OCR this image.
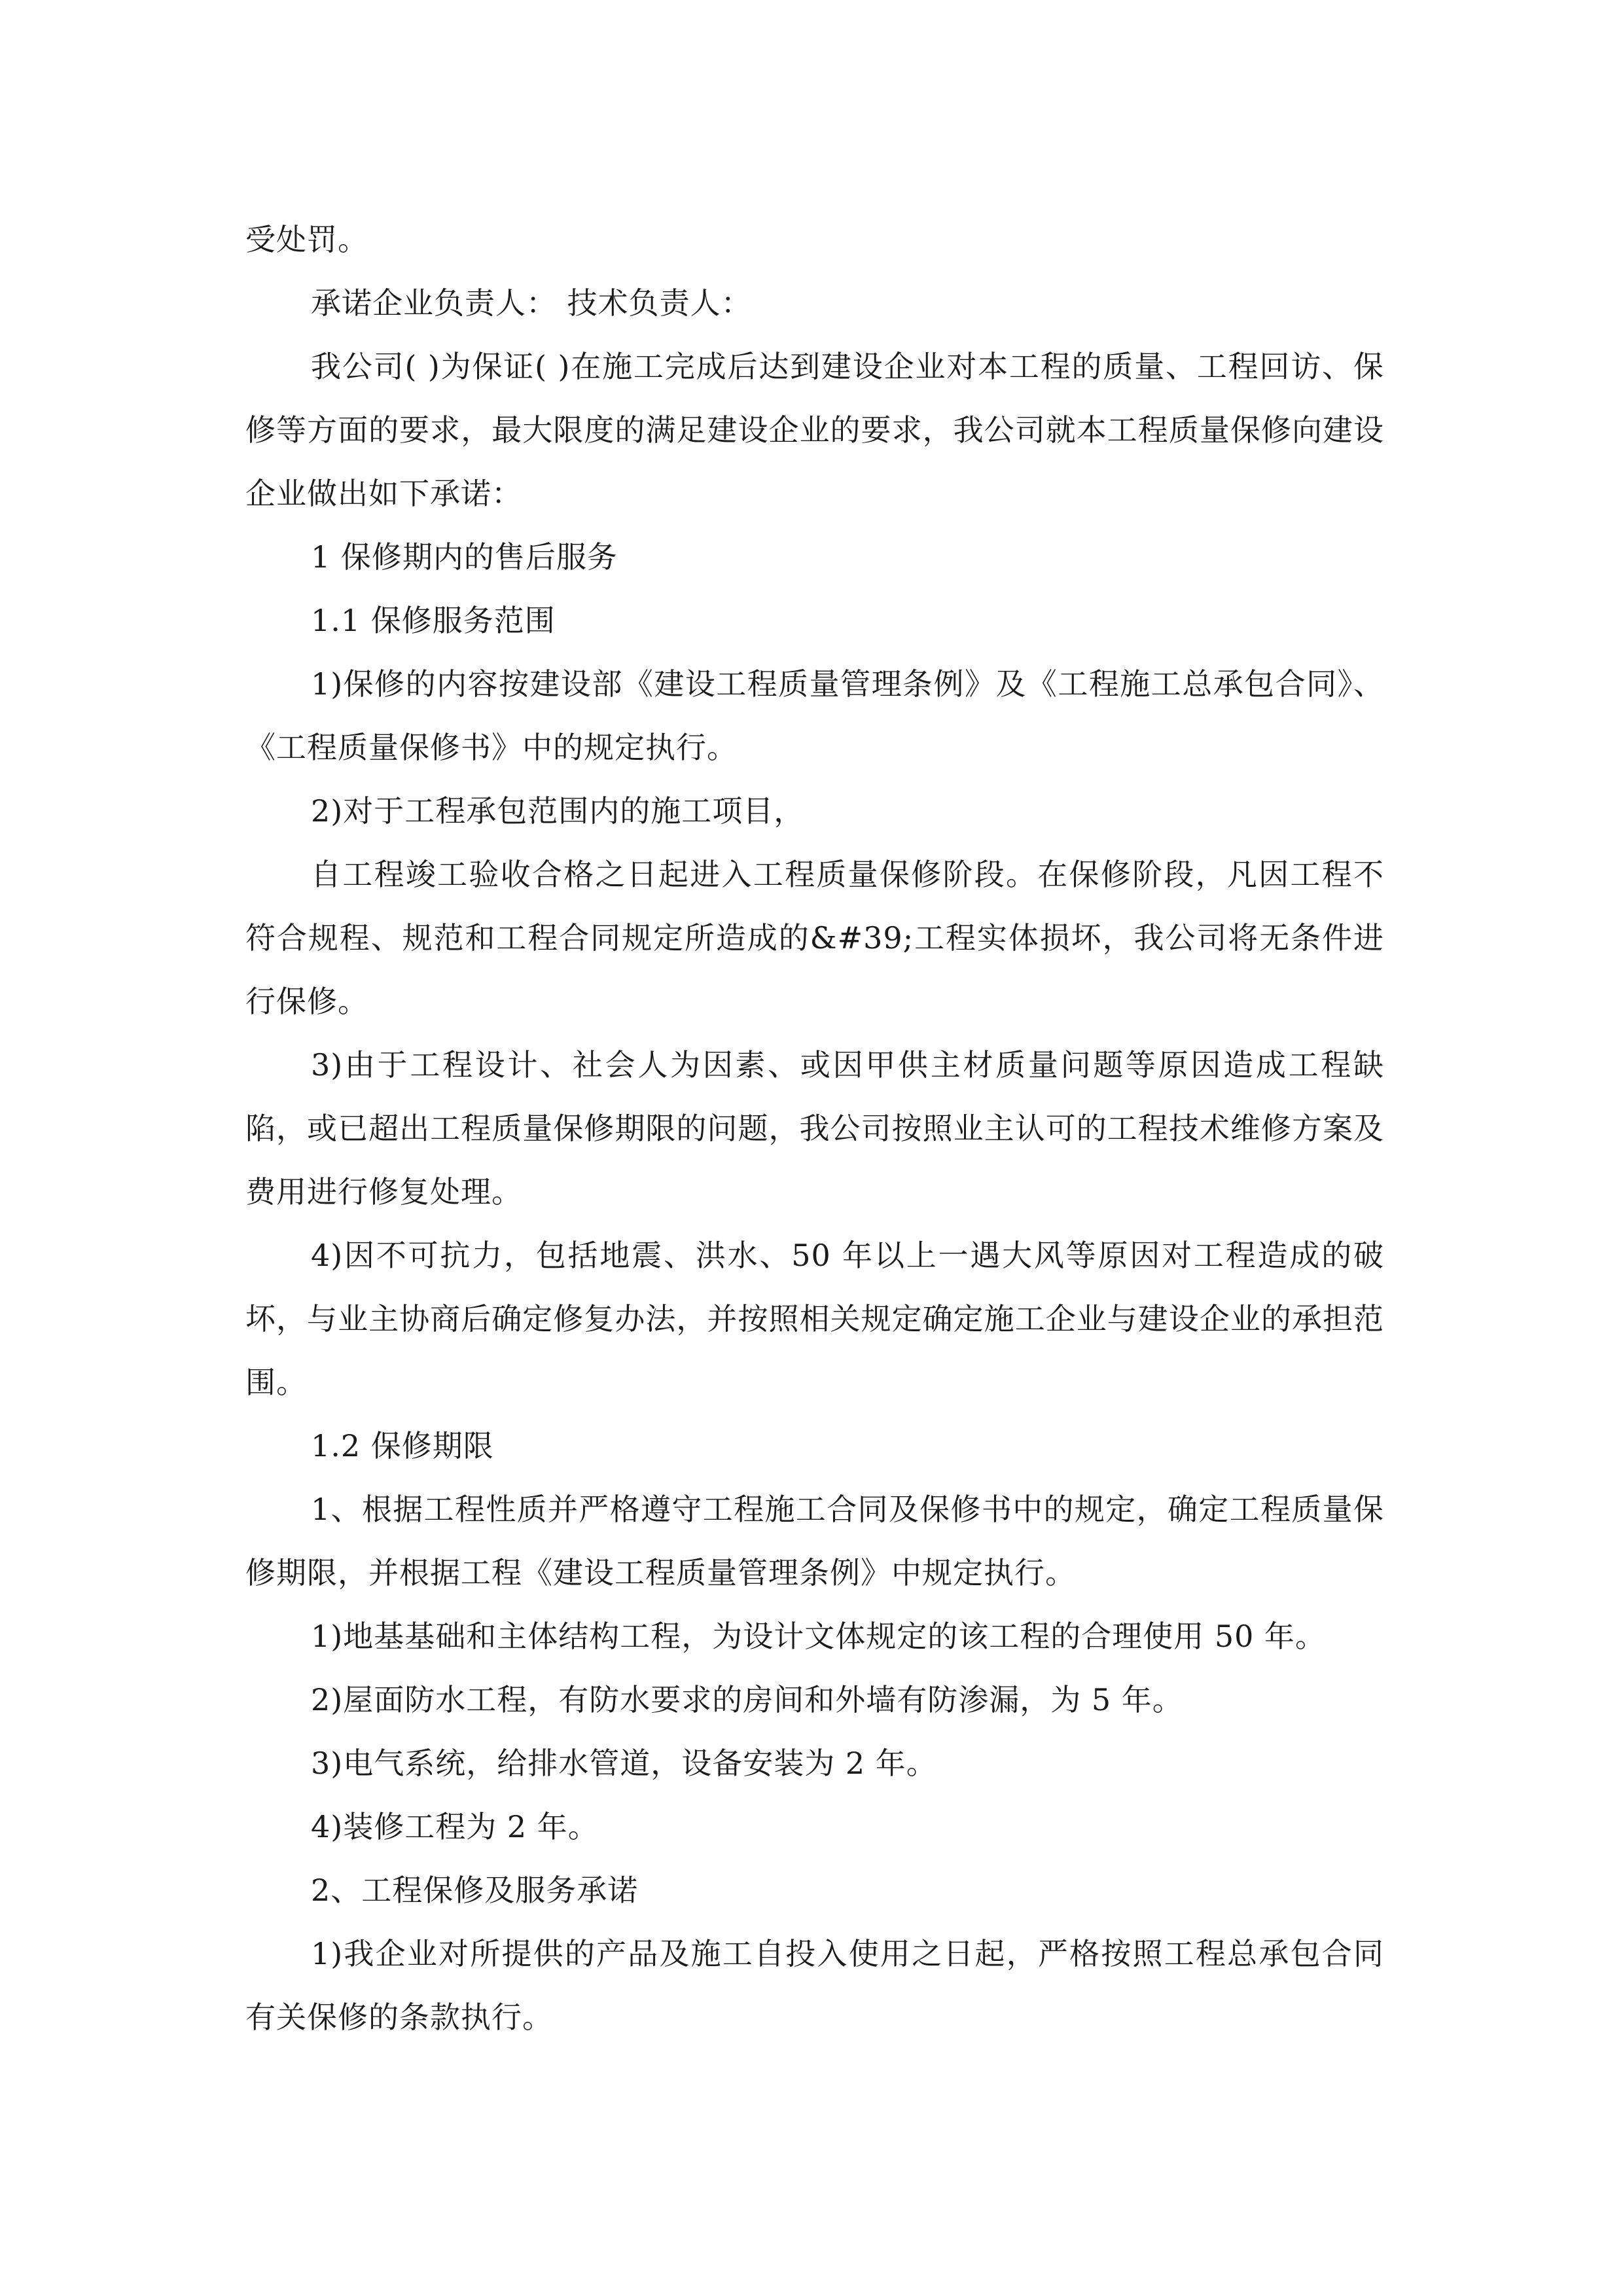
受处罚。

承诺企业负责人： 技术负责人：

我公司( )为保证( )在施工完成后达到建设企业对本工程的质量、工程回访、保修等方面的要求，最大限度的满足建设企业的要求，我公司就本工程质量保修向建设企业做出如下承诺：

1 保修期内的售后服务

1.1 保修服务范围

1)保修的内容按建设部《建设工程质量管理条例》及《工程施工总承包合同》、《工程质量保修书》中的规定执行。

2)对于工程承包范围内的施工项目，

自工程竣工验收合格之日起进入工程质量保修阶段。在保修阶段，凡因工程不符合规程、规范和工程合同规定所造成的&#39;工程实体损坏，我公司将无条件进行保修。

3)由于工程设计、社会人为因素、或因甲供主材质量问题等原因造成工程缺陷，或已超出工程质量保修期限的问题，我公司按照业主认可的工程技术维修方案及费用进行修复处理。

4)因不可抗力，包括地震、洪水、50 年以上一遇大风等原因对工程造成的破坏，与业主协商后确定修复办法，并按照相关规定确定施工企业与建设企业的承担范围。

1.2 保修期限

1、根据工程性质并严格遵守工程施工合同及保修书中的规定，确定工程质量保修期限，并根据工程《建设工程质量管理条例》中规定执行。

1)地基基础和主体结构工程，为设计文体规定的该工程的合理使用 50 年。

2)屋面防水工程，有防水要求的房间和外墙有防渗漏，为 5 年。

3)电气系统，给排水管道，设备安装为 2 年。

4)装修工程为 2 年。

2、工程保修及服务承诺

1)我企业对所提供的产品及施工自投入使用之日起，严格按照工程总承包合同有关保修的条款执行。
